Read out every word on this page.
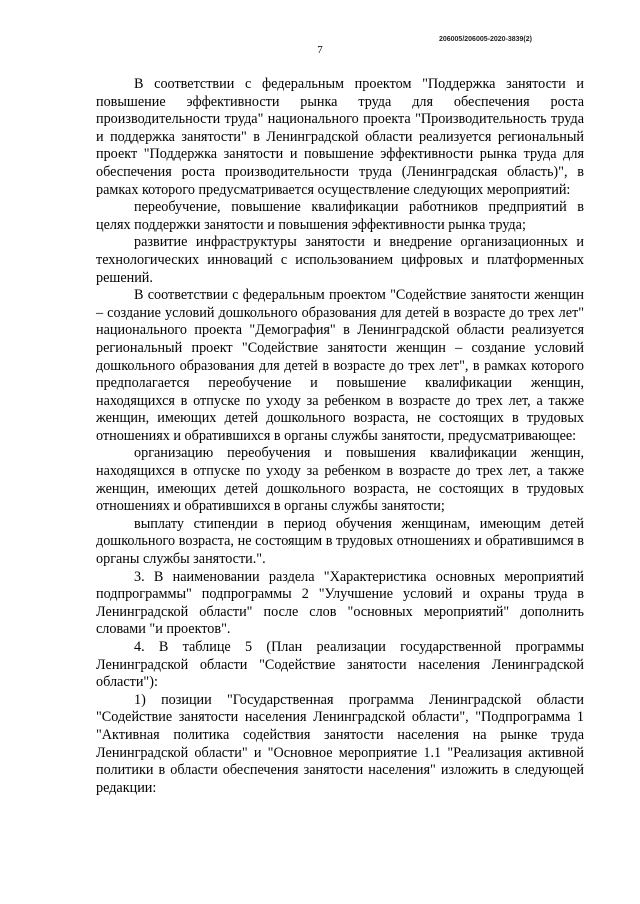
206005/206005-2020-3839(2)
7

В соответствии с федеральным проектом "Поддержка занятости и повышение эффективности рынка труда для обеспечения роста производительности труда" национального проекта "Производительность труда и поддержка занятости" в Ленинградской области реализуется региональный проект "Поддержка занятости и повышение эффективности рынка труда для обеспечения роста производительности труда (Ленинградская область)", в рамках которого предусматривается осуществление следующих мероприятий:

переобучение, повышение квалификации работников предприятий в целях поддержки занятости и повышения эффективности рынка труда;

развитие инфраструктуры занятости и внедрение организационных и технологических инноваций с использованием цифровых и платформенных решений.

В соответствии с федеральным проектом "Содействие занятости женщин – создание условий дошкольного образования для детей в возрасте до трех лет" национального проекта "Демография" в Ленинградской области реализуется региональный проект "Содействие занятости женщин – создание условий дошкольного образования для детей в возрасте до трех лет", в рамках которого предполагается переобучение и повышение квалификации женщин, находящихся в отпуске по уходу за ребенком в возрасте до трех лет, а также женщин, имеющих детей дошкольного возраста, не состоящих в трудовых отношениях и обратившихся в органы службы занятости, предусматривающее:

организацию переобучения и повышения квалификации женщин, находящихся в отпуске по уходу за ребенком в возрасте до трех лет, а также женщин, имеющих детей дошкольного возраста, не состоящих в трудовых отношениях и обратившихся в органы службы занятости;

выплату стипендии в период обучения женщинам, имеющим детей дошкольного возраста, не состоящим в трудовых отношениях и обратившимся в органы службы занятости.".

3. В наименовании раздела "Характеристика основных мероприятий подпрограммы" подпрограммы 2 "Улучшение условий и охраны труда в Ленинградской области" после слов "основных мероприятий" дополнить словами "и проектов".

4. В таблице 5 (План реализации государственной программы Ленинградской области "Содействие занятости населения Ленинградской области"):

1) позиции "Государственная программа Ленинградской области "Содействие занятости населения Ленинградской области", "Подпрограмма 1 "Активная политика содействия занятости населения на рынке труда Ленинградской области" и "Основное мероприятие 1.1 "Реализация активной политики в области обеспечения занятости населения" изложить в следующей редакции:
